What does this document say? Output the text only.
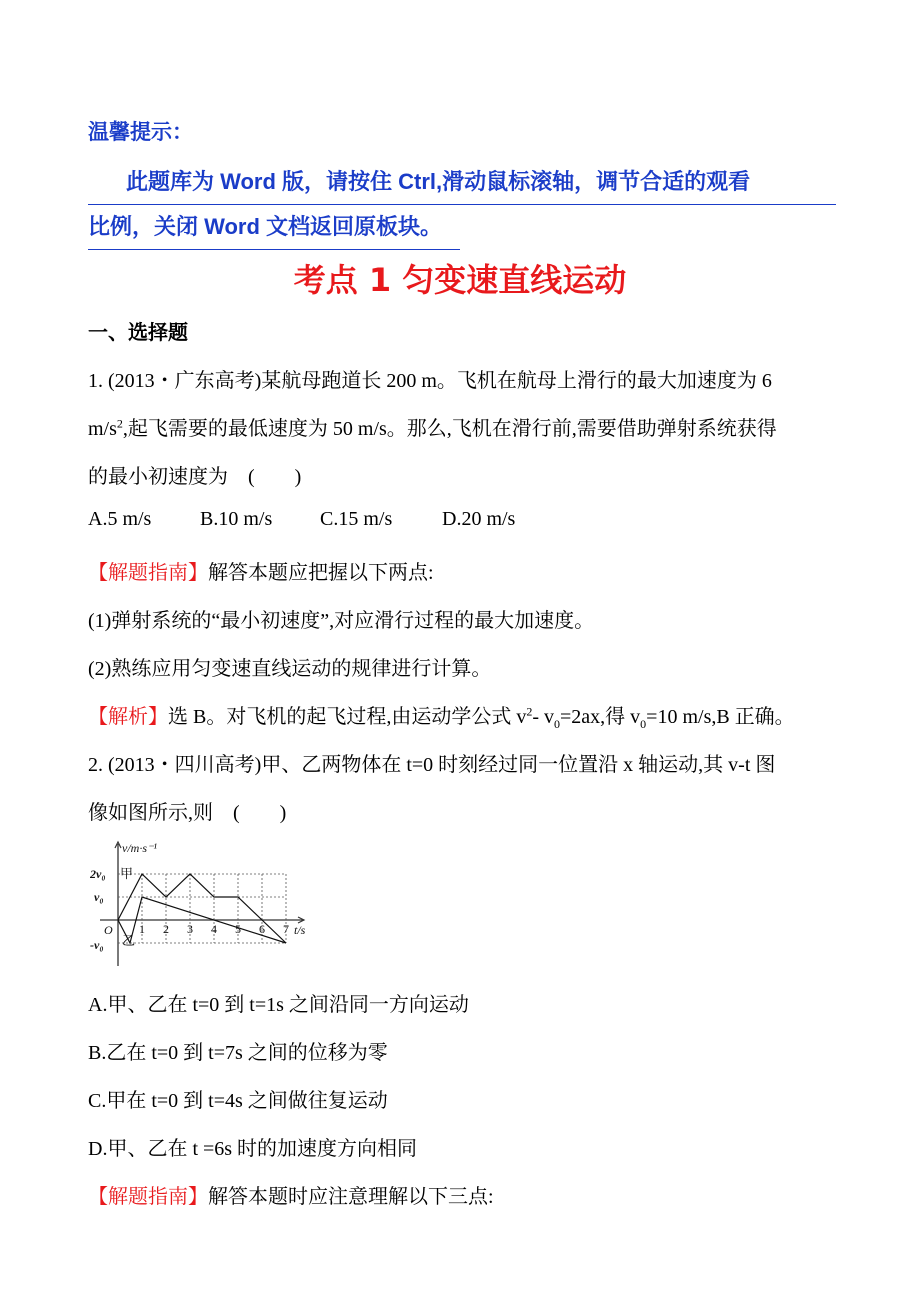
温馨提示：
此题库为 Word 版，请按住 Ctrl,滑动鼠标滚轴，调节合适的观看
比例，关闭 Word 文档返回原板块。
考点 1 匀变速直线运动
一、选择题
1. (2013・广东高考)某航母跑道长 200 m。飞机在航母上滑行的最大加速度为 6
$m/s^2$,起飞需要的最低速度为 50 m/s。那么,飞机在滑行前,需要借助弹射系统获得
的最小初速度为　(　　)
A.5 m/s B.10 m/s C.15 m/s D.20 m/s
【解题指南】解答本题应把握以下两点:
(1)弹射系统的“最小初速度”,对应滑行过程的最大加速度。
(2)熟练应用匀变速直线运动的规律进行计算。
【解析】选 B。对飞机的起飞过程,由运动学公式 $v^2-$ $v_0=2ax$,得 $v_0=10$ m/s,B 正确。
2. (2013・四川高考)甲、乙两物体在 t=0 时刻经过同一位置沿 x 轴运动,其 v-t 图
像如图所示,则　(　　)
v/m·s⁻¹
t/s
O
2v₀
v₀
-v₀
1 2 3 4 5 6 7
甲
乙
A.甲、乙在 t=0 到 t=1s 之间沿同一方向运动
B.乙在 t=0 到 t=7s 之间的位移为零
C.甲在 t=0 到 t=4s 之间做往复运动
D.甲、乙在 t =6s 时的加速度方向相同
【解题指南】解答本题时应注意理解以下三点:
